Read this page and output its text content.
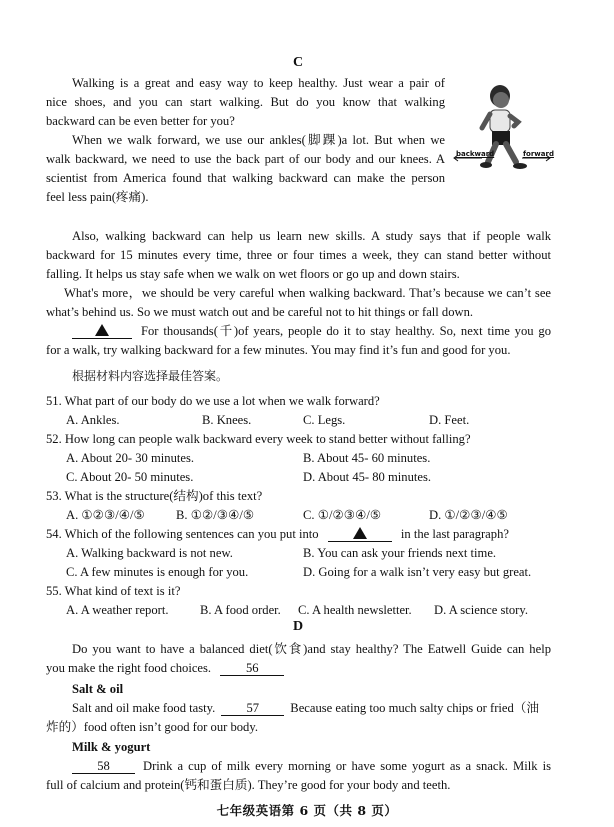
C
Walking is a great and easy way to keep healthy. Just wear a pair of
nice shoes, and you can start walking. But do you know that walking
backward can be even better for you?
When we walk forward, we use our ankles(脚踝)a lot. But when we
walk backward, we need to use the back part of our body and our knees. A
scientist from America found that walking backward can make the person
feel less pain(疼痛).
backward	forward
Also, walking backward can help us learn new skills. A study says that if people walk
backward for 15 minutes every time, three or four times a week, they can stand better without
falling. It helps us stay safe when we walk on wet floors or go up and down stairs.
What's more，we should be very careful when walking backward. That’s because we can’t see
what’s behind us. So we must watch out and be careful not to hit things or fall down.
For thousands(千)of years, people do it to stay healthy. So, next time you go
for a walk, try walking backward for a few minutes. You may find it’s fun and good for you.
根据材料内容选择最佳答案。
51. What part of our body do we use a lot when we walk forward?
A. Ankles.	B. Knees.	C. Legs.	D. Feet.
52. How long can people walk backward every week to stand better without falling?
A. About 20- 30 minutes.	B. About 45- 60 minutes.
C. About 20- 50 minutes.	D. About 45- 80 minutes.
53. What is the structure(结构)of this text?
A. ①②③/④/⑤ B. ①②/③④/⑤	C. ①/②③④/⑤	D. ①/②③/④⑤
54. Which of the following sentences can you put into	in the last paragraph?
A. Walking backward is not new.	B. You can ask your friends next time.
C. A few minutes is enough for you.	D. Going for a walk isn’t very easy but great.
55. What kind of text is it?
A. A weather report.	B. A food order. C. A health newsletter. D. A science story.
D
Do you want to have a balanced diet(饮食)and stay healthy? The Eatwell Guide can help
you make the right food choices.	56
Salt & oil
Salt and oil make food tasty.	57	Because eating too much salty chips or fried（油
炸的）food often isn’t good for our body.
Milk & yogurt
58	Drink a cup of milk every morning or have some yogurt as a snack. Milk is
full of calcium and protein(钙和蛋白质). They’re good for your body and teeth.
七年级英语第 6 页（共 8 页）
